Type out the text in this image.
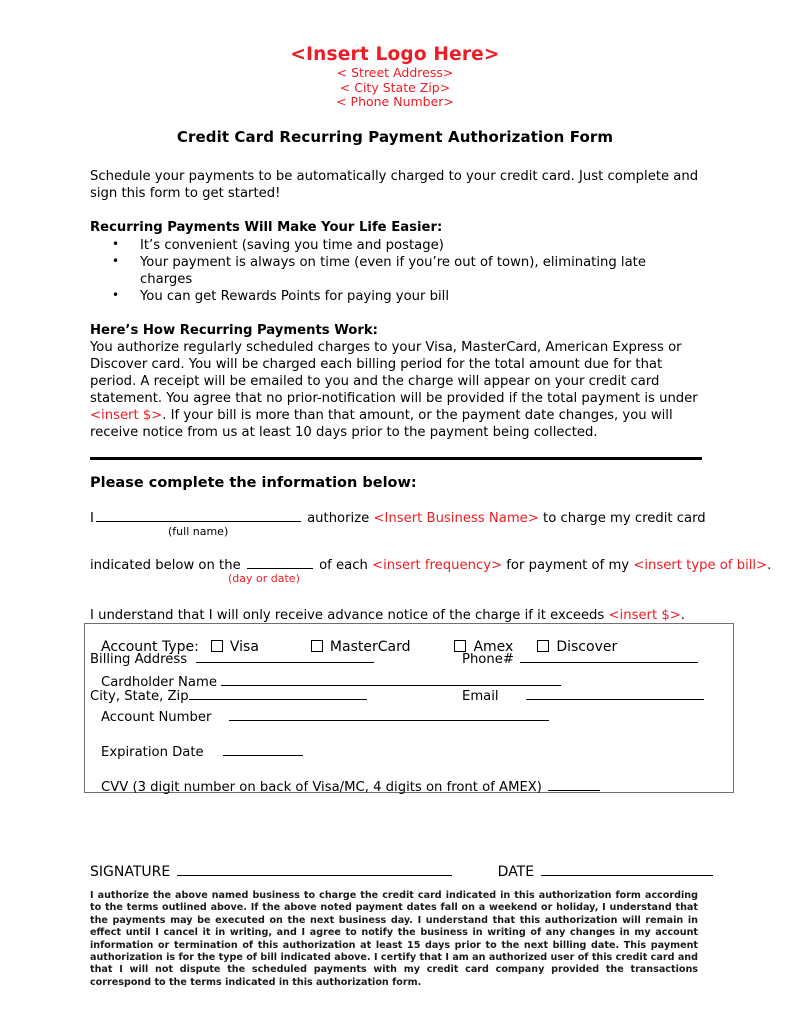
<Insert Logo Here>
< Street Address>
< City State Zip>
< Phone Number>
Credit Card Recurring Payment Authorization Form
Schedule your payments to be automatically charged to your credit card. Just complete and sign this form to get started!
Recurring Payments Will Make Your Life Easier:
• It’s convenient (saving you time and postage)
• Your payment is always on time (even if you’re out of town), eliminating late charges
• You can get Rewards Points for paying your bill
Here’s How Recurring Payments Work:
You authorize regularly scheduled charges to your Visa, MasterCard, American Express or Discover card. You will be charged each billing period for the total amount due for that period. A receipt will be emailed to you and the charge will appear on your credit card statement. You agree that no prior-notification will be provided if the total payment is under <insert $>. If your bill is more than that amount, or the payment date changes, you will receive notice from us at least 10 days prior to the payment being collected.
Please complete the information below:
I	authorize <Insert Business Name> to charge my credit card
(full name)
indicated below on the	of each <insert frequency> for payment of my <insert type of bill>.
(day or date)
I understand that I will only receive advance notice of the charge if it exceeds <insert $>.
Billing Address
City, State, Zip
Phone#
Email
Account Type: Visa	MasterCard	Amex	Discover
Cardholder Name
Account Number
Expiration Date
CVV (3 digit number on back of Visa/MC, 4 digits on front of AMEX)
SIGNATURE	DATE
I authorize the above named business to charge the credit card indicated in this authorization form according to the terms outlined above. If the above noted payment dates fall on a weekend or holiday, I understand that the payments may be executed on the next business day. I understand that this authorization will remain in effect until I cancel it in writing, and I agree to notify the business in writing of any changes in my account information or termination of this authorization at least 15 days prior to the next billing date. This payment authorization is for the type of bill indicated above. I certify that I am an authorized user of this credit card and that I will not dispute the scheduled payments with my credit card company provided the transactions correspond to the terms indicated in this authorization form.
